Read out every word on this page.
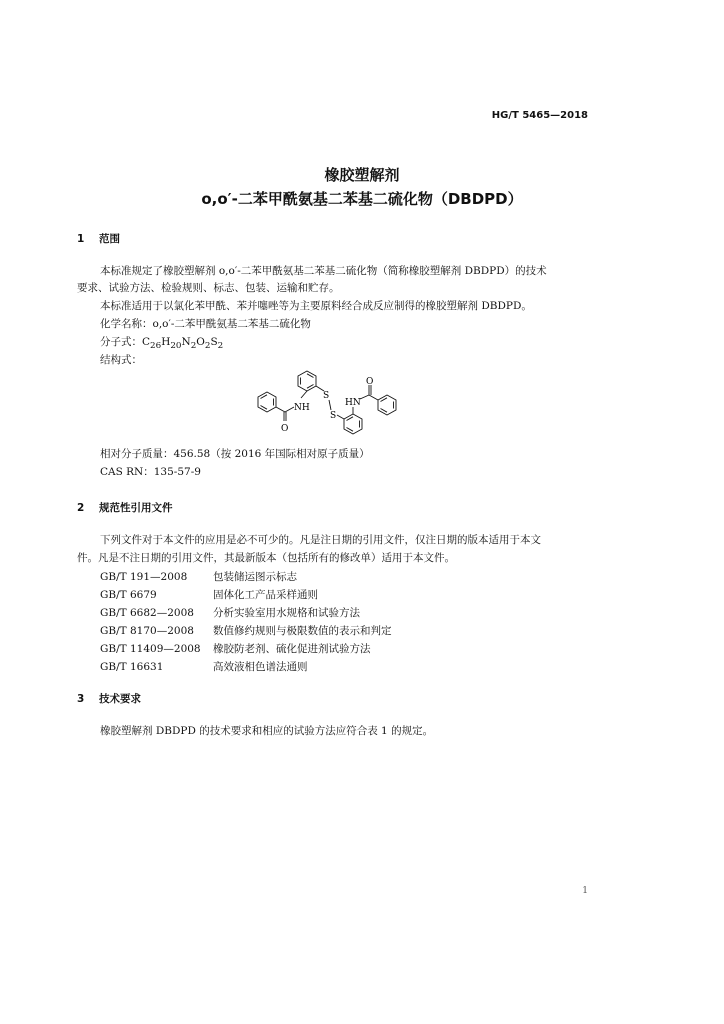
HG/T 5465—2018
橡胶塑解剂
o,o′-二苯甲酰氨基二苯基二硫化物（DBDPD）
1 范围
本标准规定了橡胶塑解剂 o,o′-二苯甲酰氨基二苯基二硫化物（简称橡胶塑解剂 DBDPD）的技术
要求、试验方法、检验规则、标志、包装、运输和贮存。
本标准适用于以氯化苯甲酰、苯并噻唑等为主要原料经合成反应制得的橡胶塑解剂 DBDPD。
化学名称：o,o′-二苯甲酰氨基二苯基二硫化物
分子式：$C_{26}H_{20}N_2O_2S_2$
结构式：
NH
O
S
S
HN
O
相对分子质量：456.58（按 2016 年国际相对原子质量）
CAS RN：135-57-9
2 规范性引用文件
下列文件对于本文件的应用是必不可少的。凡是注日期的引用文件，仅注日期的版本适用于本文
件。凡是不注日期的引用文件，其最新版本（包括所有的修改单）适用于本文件。
GB/T 191—2008 包装储运图示标志
GB/T 6679	固体化工产品采样通则
GB/T 6682—2008 分析实验室用水规格和试验方法
GB/T 8170—2008 数值修约规则与极限数值的表示和判定
GB/T 11409—2008 橡胶防老剂、硫化促进剂试验方法
GB/T 16631	高效液相色谱法通则
3 技术要求
橡胶塑解剂 DBDPD 的技术要求和相应的试验方法应符合表 1 的规定。
1
